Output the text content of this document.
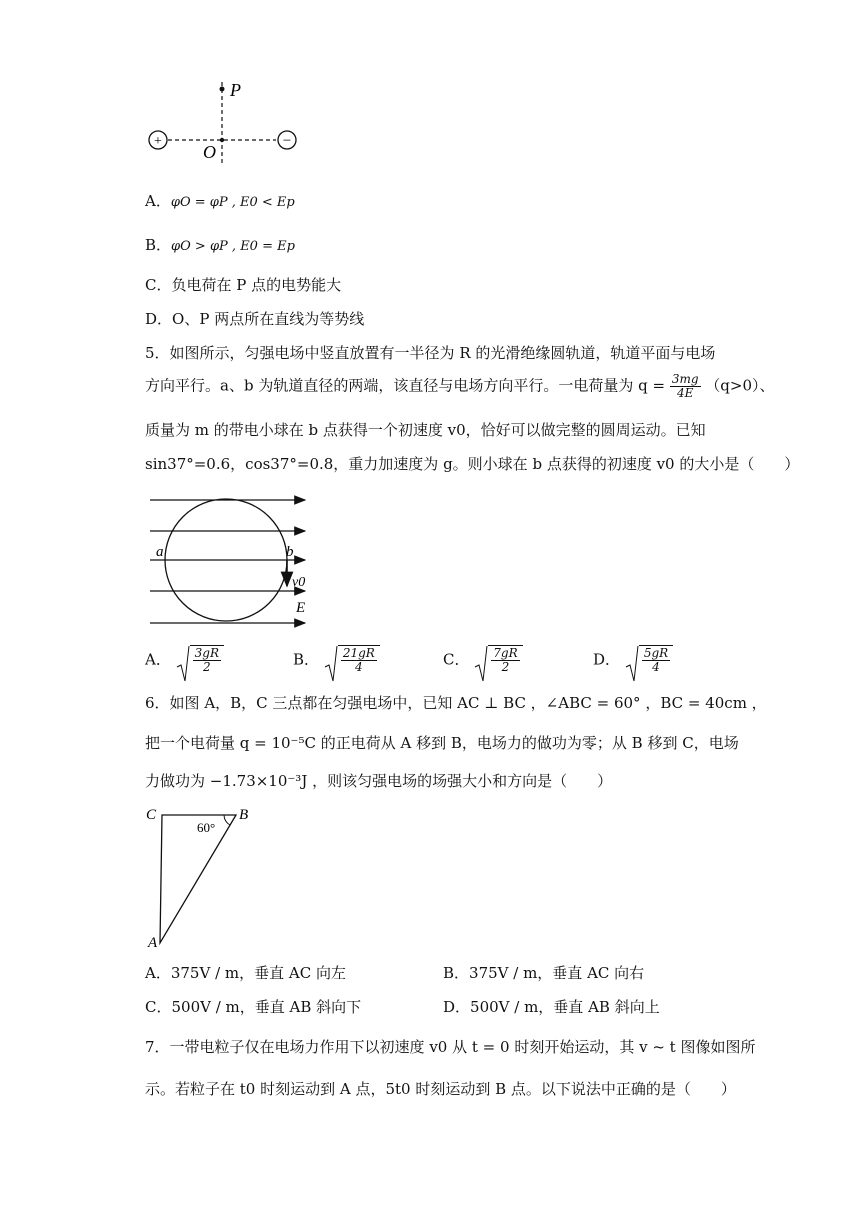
+	−
P
O
A．φO = φP , E0 < Ep
B．φO > φP , E0 = Ep
C．负电荷在 P 点的电势能大
D．O、P 两点所在直线为等势线
5．如图所示，匀强电场中竖直放置有一半径为 R 的光滑绝缘圆轨道，轨道平面与电场
方向平行。a、b 为轨道直径的两端，该直径与电场方向平行。一电荷量为 $q = \frac{3mg}{4E} (q>0)$、
质量为 m 的带电小球在 b 点获得一个初速度 v0，恰好可以做完整的圆周运动。已知
sin37°=0.6，cos37°=0.8，重力加速度为 g。则小球在 b 点获得的初速度 v0 的大小是（　　）
a	b
v0
E
A． $\frac{3gR}{2}$	B． $\frac{21gR}{4}$	C． $\frac{7gR}{2}$	D． $\frac{5gR}{4}$
6．如图 A，B，C 三点都在匀强电场中，已知 AC ⊥ BC ，∠ABC = 60° ，BC = 40cm ，
把一个电荷量 q = 10⁻⁵C 的正电荷从 A 移到 B，电场力的做功为零；从 B 移到 C，电场
力做功为 −1.73×10⁻³J ，则该匀强电场的场强大小和方向是（　　）
C	B
A
60°
A．375V / m，垂直 AC 向左	B．375V / m，垂直 AC 向右
C．500V / m，垂直 AB 斜向下	D．500V / m，垂直 AB 斜向上
7．一带电粒子仅在电场力作用下以初速度 v0 从 t = 0 时刻开始运动，其 v ~ t 图像如图所
示。若粒子在 t0 时刻运动到 A 点，5t0 时刻运动到 B 点。以下说法中正确的是（　　）
